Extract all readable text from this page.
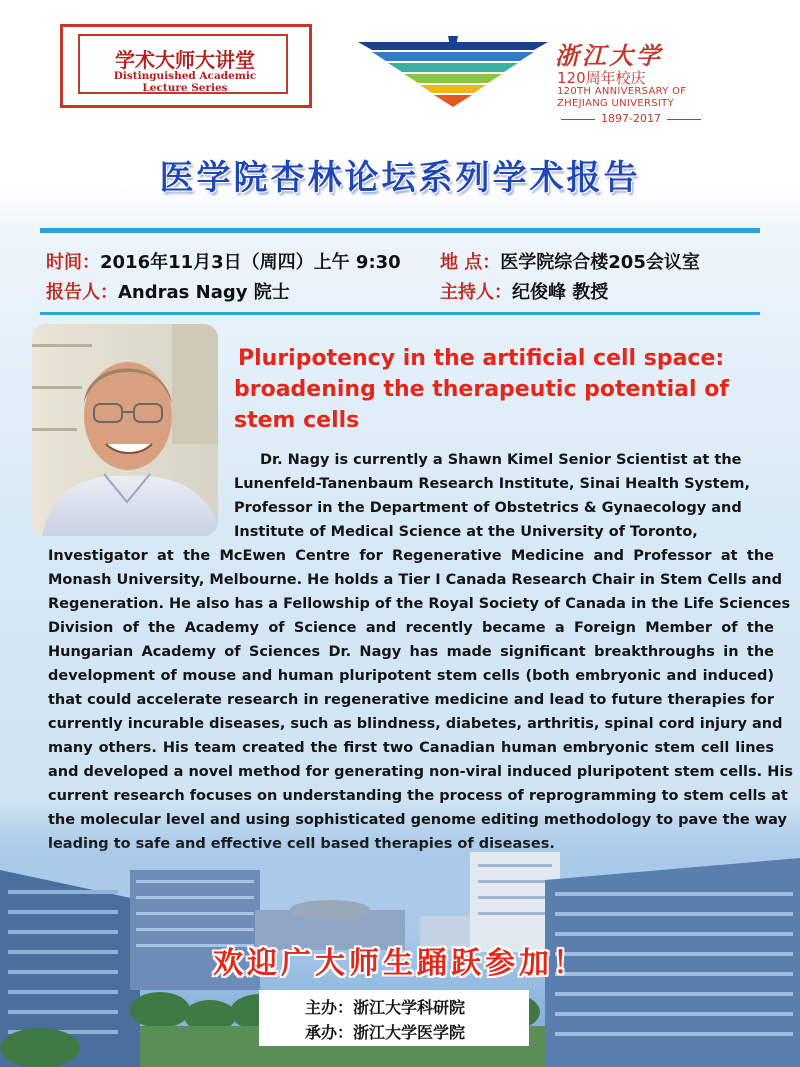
学术大师大讲堂
Distinguished Academic
Lecture Series
浙江大学
120周年校庆
120TH ANNIVERSARY OF
ZHEJIANG UNIVERSITY
1897-2017
医学院杏林论坛系列学术报告
时间：2016年11月3日（周四）上午 9:30 地 点：医学院综合楼205会议室
报告人：Andras Nagy 院士	主持人：纪俊峰 教授
Pluripotency in the artificial cell space:
broadening the therapeutic potential of
stem cells
Dr. Nagy is currently a Shawn Kimel Senior Scientist at the
Lunenfeld-Tanenbaum Research Institute, Sinai Health System,
Professor in the Department of Obstetrics & Gynaecology and
Institute of Medical Science at the University of Toronto,
Investigator at the McEwen Centre for Regenerative Medicine and Professor at the
Monash University, Melbourne. He holds a Tier I Canada Research Chair in Stem Cells and
Regeneration. He also has a Fellowship of the Royal Society of Canada in the Life Sciences
Division of the Academy of Science and recently became a Foreign Member of the
Hungarian Academy of Sciences Dr. Nagy has made significant breakthroughs in the
development of mouse and human pluripotent stem cells (both embryonic and induced)
that could accelerate research in regenerative medicine and lead to future therapies for
currently incurable diseases, such as blindness, diabetes, arthritis, spinal cord injury and
many others. His team created the first two Canadian human embryonic stem cell lines
and developed a novel method for generating non-viral induced pluripotent stem cells. His
current research focuses on understanding the process of reprogramming to stem cells at
the molecular level and using sophisticated genome editing methodology to pave the way
欢迎广大师生踊跃参加！
主办：浙江大学科研院
承办：浙江大学医学院
